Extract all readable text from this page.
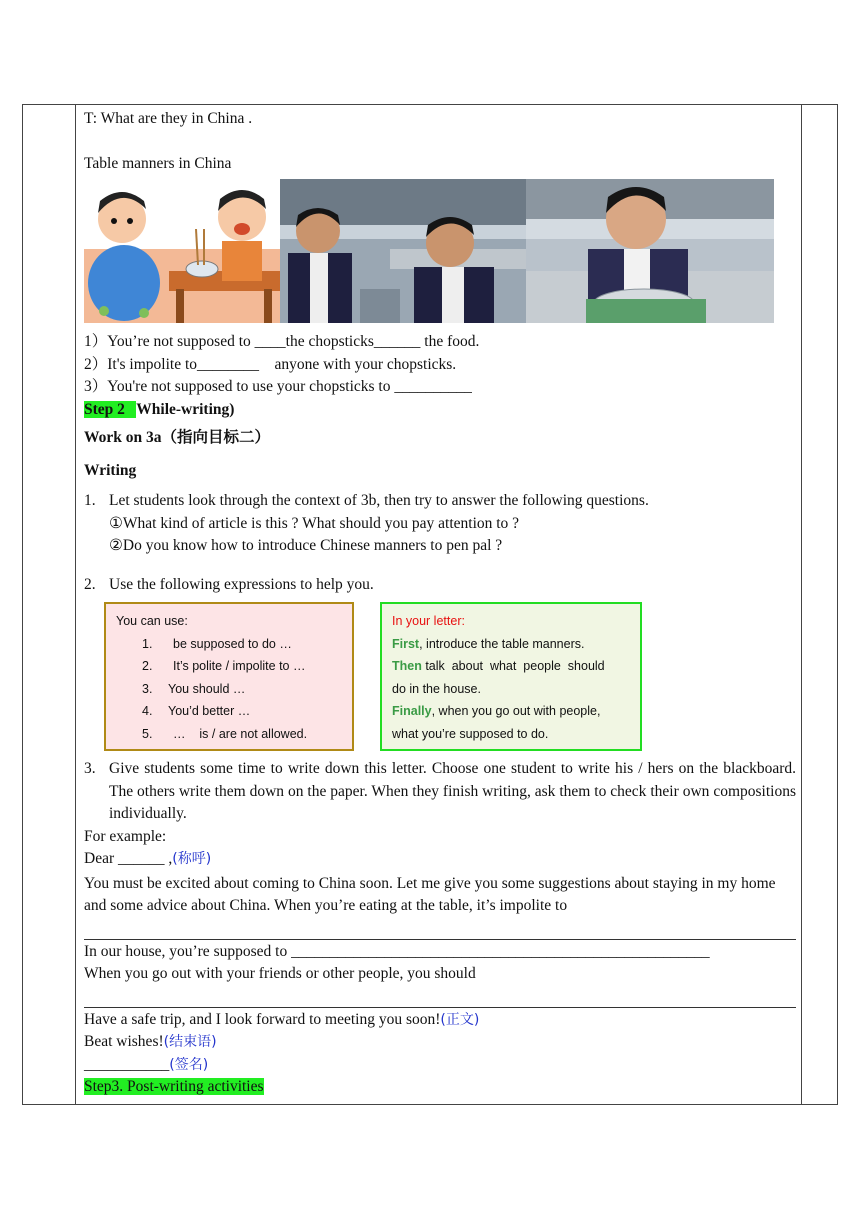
T: What are they in China .
Table manners in China
1）You’re not supposed to ____the chopsticks______ the food.
2）It's impolite to________    anyone with your chopsticks.
3）You're not supposed to use your chopsticks to __________
Step 2   While-writing)
Work on 3a（指向目标二）
Writing
1. Let students look through the context of 3b, then try to answer the following questions.
①What kind of article is this ? What should you pay attention to ?
②Do you know how to introduce Chinese manners to pen pal ?
2. Use the following expressions to help you.
You can use:
1. be supposed to do …
2. It’s polite / impolite to …
3. You should …
4. You’d better …
5. …    is / are not allowed.
In your letter:
First, introduce the table manners.
Then talk  about  what  people  should
do in the house.
Finally, when you go out with people,
what you’re supposed to do.
3. Give students some time to write down this letter. Choose one student to write his / hers on the blackboard. The others write them down on the paper. When they finish writing, ask them to check their own compositions individually.
For example:
Dear ______ ,(称呼)
You must be excited about coming to China soon. Let me give you some suggestions about staying in my home and some advice about China. When you’re eating at the table, it’s impolite to
In our house, you’re supposed to ______________________________________________________
When you go out with your friends or other people, you should
Have a safe trip, and I look forward to meeting you soon!(正文)
Beat wishes!(结束语)
___________(签名)
Step3. Post-writing activities
